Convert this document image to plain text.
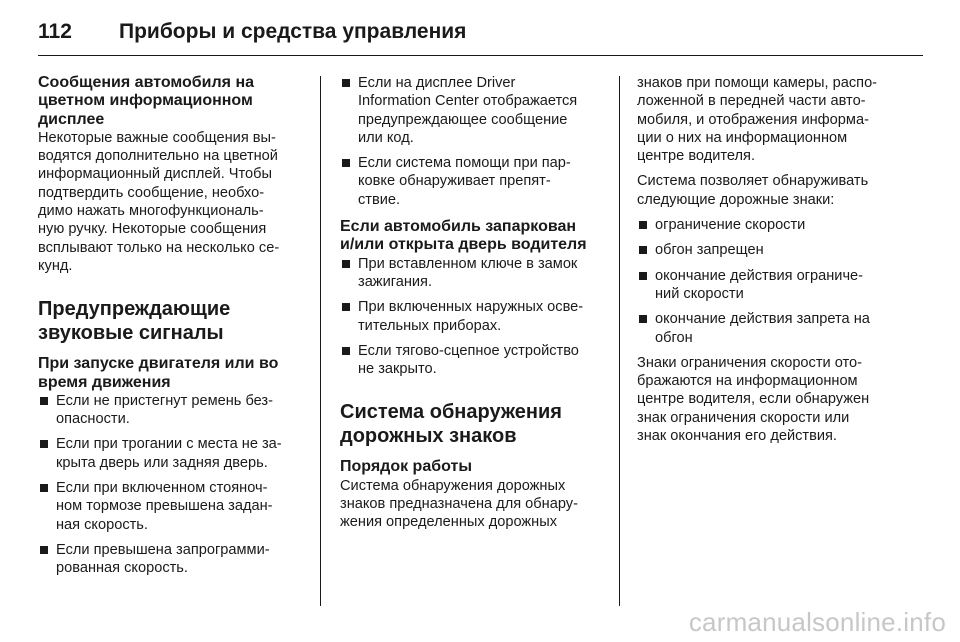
112 Приборы и средства управления
Сообщения автомобиля на
цветном информационном
дисплее

Некоторые важные сообщения вы-
водятся дополнительно на цветной
информационный дисплей. Чтобы
подтвердить сообщение, необхо-
димо нажать многофункциональ-
ную ручку. Некоторые сообщения
всплывают только на несколько се-
кунд.

Предупреждающие
звуковые сигналы
При запуске двигателя или во
время движения
Если не пристегнут ремень без-
опасности.
Если при трогании с места не за-
крыта дверь или задняя дверь.
Если при включенном стояноч-
ном тормозе превышена задан-
ная скорость.
Если превышена запрограмми-
рованная скорость.
Если на дисплее Driver
Information Center отображается
предупреждающее сообщение
или код.
Если система помощи при пар-
ковке обнаруживает препят-
ствие.
Если автомобиль запаркован
и/или открыта дверь водителя
При вставленном ключе в замок
зажигания.
При включенных наружных осве-
тительных приборах.
Если тягово-сцепное устройство
не закрыто.
Система обнаружения
дорожных знаков
Порядок работы

Система обнаружения дорожных
знаков предназначена для обнару-
жения определенных дорожных

знаков при помощи камеры, распо-
ложенной в передней части авто-
мобиля, и отображения информа-
ции о них на информационном
центре водителя.

Система позволяет обнаруживать
следующие дорожные знаки:

ограничение скорости
обгон запрещен
окончание действия ограниче-
ний скорости
окончание действия запрета на
обгон

Знаки ограничения скорости ото-
бражаются на информационном
центре водителя, если обнаружен
знак ограничения скорости или
знак окончания его действия.

carmanualsonline.info
